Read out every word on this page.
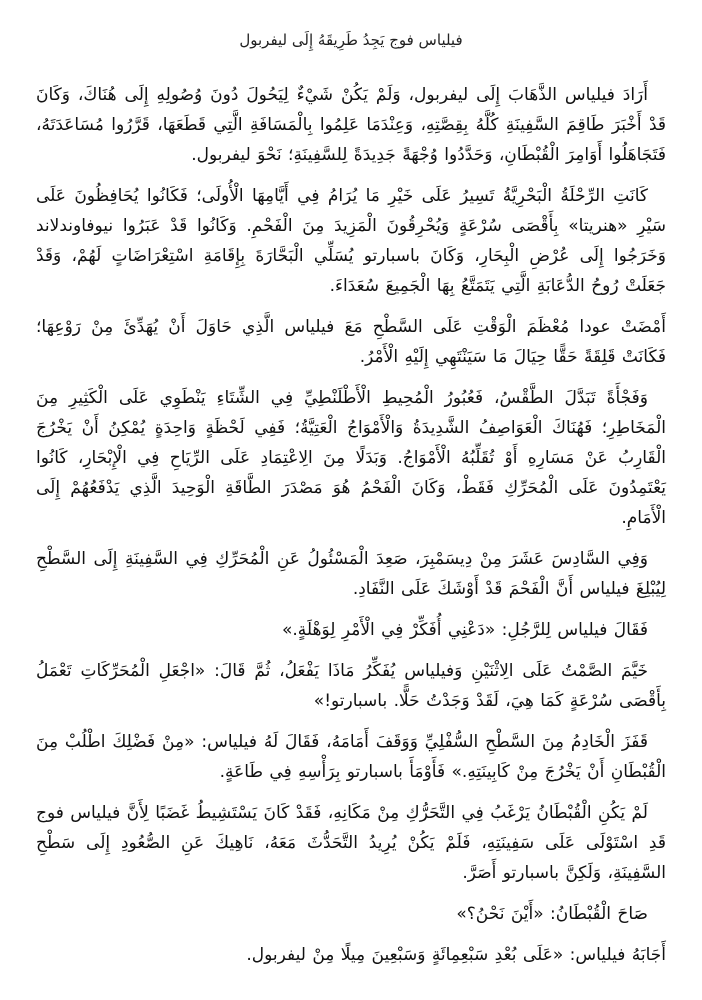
فيلياس فوج يَجِدُ طَرِيقَهُ إِلَى ليفربول

أَرَادَ فيلياس الذَّهَابَ إِلَى ليفربول، وَلَمْ يَكُنْ شَيْءٌ لِيَحُولَ دُونَ وُصُولِهِ إِلَى هُنَاكَ، وَكَانَ قَدْ أَخْبَرَ طَاقِمَ السَّفِينَةِ كُلَّهُ بِقِصَّتِهِ، وَعِنْدَمَا عَلِمُوا بِالْمَسَافَةِ الَّتِي قَطَعَهَا، قَرَّرُوا مُسَاعَدَتَهُ، فَتَجَاهَلُوا أَوَامِرَ الْقُبْطَانِ، وَحَدَّدُوا وُجْهَةً جَدِيدَةً لِلسَّفِينَةِ؛ نَحْوَ ليفربول.

كَانَتِ الرِّحْلَةُ الْبَحْرِيَّةُ تَسِيرُ عَلَى خَيْرِ مَا يُرَامُ فِي أَيَّامِهَا الْأُولَى؛ فَكَانُوا يُحَافِظُونَ عَلَى سَيْرِ «هنريتا» بِأَقْصَى سُرْعَةٍ وَيُحْرِقُونَ الْمَزِيدَ مِنَ الْفَحْمِ. وَكَانُوا قَدْ عَبَرُوا نيوفاوندلاند وَخَرَجُوا إِلَى عُرْضِ الْبِحَارِ، وَكَانَ باسبارتو يُسَلِّي الْبَحَّارَةَ بِإِقَامَةِ اسْتِعْرَاضَاتٍ لَهُمْ، وَقَدْ جَعَلَتْ رُوحُ الدُّعَابَةِ الَّتِي يَتَمَتَّعُ بِهَا الْجَمِيعَ سُعَدَاءَ.

أَمْضَتْ عودا مُعْظَمَ الْوَقْتِ عَلَى السَّطْحِ مَعَ فيلياس الَّذِي حَاوَلَ أَنْ يُهَدِّئَ مِنْ رَوْعِهَا؛ فَكَانَتْ قَلِقَةً حَقًّا حِيَالَ مَا سَيَنْتَهِي إِلَيْهِ الْأَمْرُ.

وَفَجْأَةً تَبَدَّلَ الطَّقْسُ، فَعُبُورُ الْمُحِيطِ الْأَطْلَنْطِيِّ فِي الشِّتَاءِ يَنْطَوِي عَلَى الْكَثِيرِ مِنَ الْمَخَاطِرِ؛ فَهُنَاكَ الْعَوَاصِفُ الشَّدِيدَةُ وَالْأَمْوَاجُ الْعَتِيَّةُ؛ فَفِي لَحْظَةٍ وَاحِدَةٍ يُمْكِنُ أَنْ يَخْرُجَ الْقَارِبُ عَنْ مَسَارِهِ أَوْ تُقَلِّبُهُ الْأَمْوَاجُ. وَبَدَلًا مِنَ الِاعْتِمَادِ عَلَى الرِّيَاحِ فِي الْإِبْحَارِ، كَانُوا يَعْتَمِدُونَ عَلَى الْمُحَرِّكِ فَقَطْ، وَكَانَ الْفَحْمُ هُوَ مَصْدَرَ الطَّاقَةِ الْوَحِيدَ الَّذِي يَدْفَعُهُمْ إِلَى الْأَمَامِ.

وَفِي السَّادِسَ عَشَرَ مِنْ دِيسَمْبِرَ، صَعِدَ الْمَسْئُولُ عَنِ الْمُحَرِّكِ فِي السَّفِينَةِ إِلَى السَّطْحِ لِيُبْلِغَ فيلياس أَنَّ الْفَحْمَ قَدْ أَوْشَكَ عَلَى النَّفَادِ.

فَقَالَ فيلياس لِلرَّجُلِ: «دَعْنِي أُفَكِّرْ فِي الْأَمْرِ لِوَهْلَةٍ.»

خَيَّمَ الصَّمْتُ عَلَى الِاثْنَيْنِ وَفيلياس يُفَكِّرُ مَاذَا يَفْعَلُ، ثُمَّ قَالَ: «اجْعَلِ الْمُحَرِّكَاتِ تَعْمَلُ بِأَقْصَى سُرْعَةٍ كَمَا هِيَ، لَقَدْ وَجَدْتُ حَلًّا. باسبارتو!»

قَفَزَ الْخَادِمُ مِنَ السَّطْحِ السُّفْلِيِّ وَوَقَفَ أَمَامَهُ، فَقَالَ لَهُ فيلياس: «مِنْ فَضْلِكَ اطْلُبْ مِنَ الْقُبْطَانِ أَنْ يَخْرُجَ مِنْ كَابِينَتِهِ.» فَأَوْمَأَ باسبارتو بِرَأْسِهِ فِي طَاعَةٍ.

لَمْ يَكُنِ الْقُبْطَانُ يَرْغَبُ فِي التَّحَرُّكِ مِنْ مَكَانِهِ، فَقَدْ كَانَ يَسْتَشِيطُ غَضَبًا لِأَنَّ فيلياس فوج قَدِ اسْتَوْلَى عَلَى سَفِينَتِهِ، فَلَمْ يَكُنْ يُرِيدُ التَّحَدُّثَ مَعَهُ، نَاهِيكَ عَنِ الصُّعُودِ إِلَى سَطْحِ السَّفِينَةِ، وَلَكِنَّ باسبارتو أَصَرَّ.

صَاحَ الْقُبْطَانُ: «أَيْنَ نَحْنُ؟»

أَجَابَهُ فيلياس: «عَلَى بُعْدِ سَبْعِمِائَةٍ وَسَبْعِينَ مِيلًا مِنْ ليفربول.
